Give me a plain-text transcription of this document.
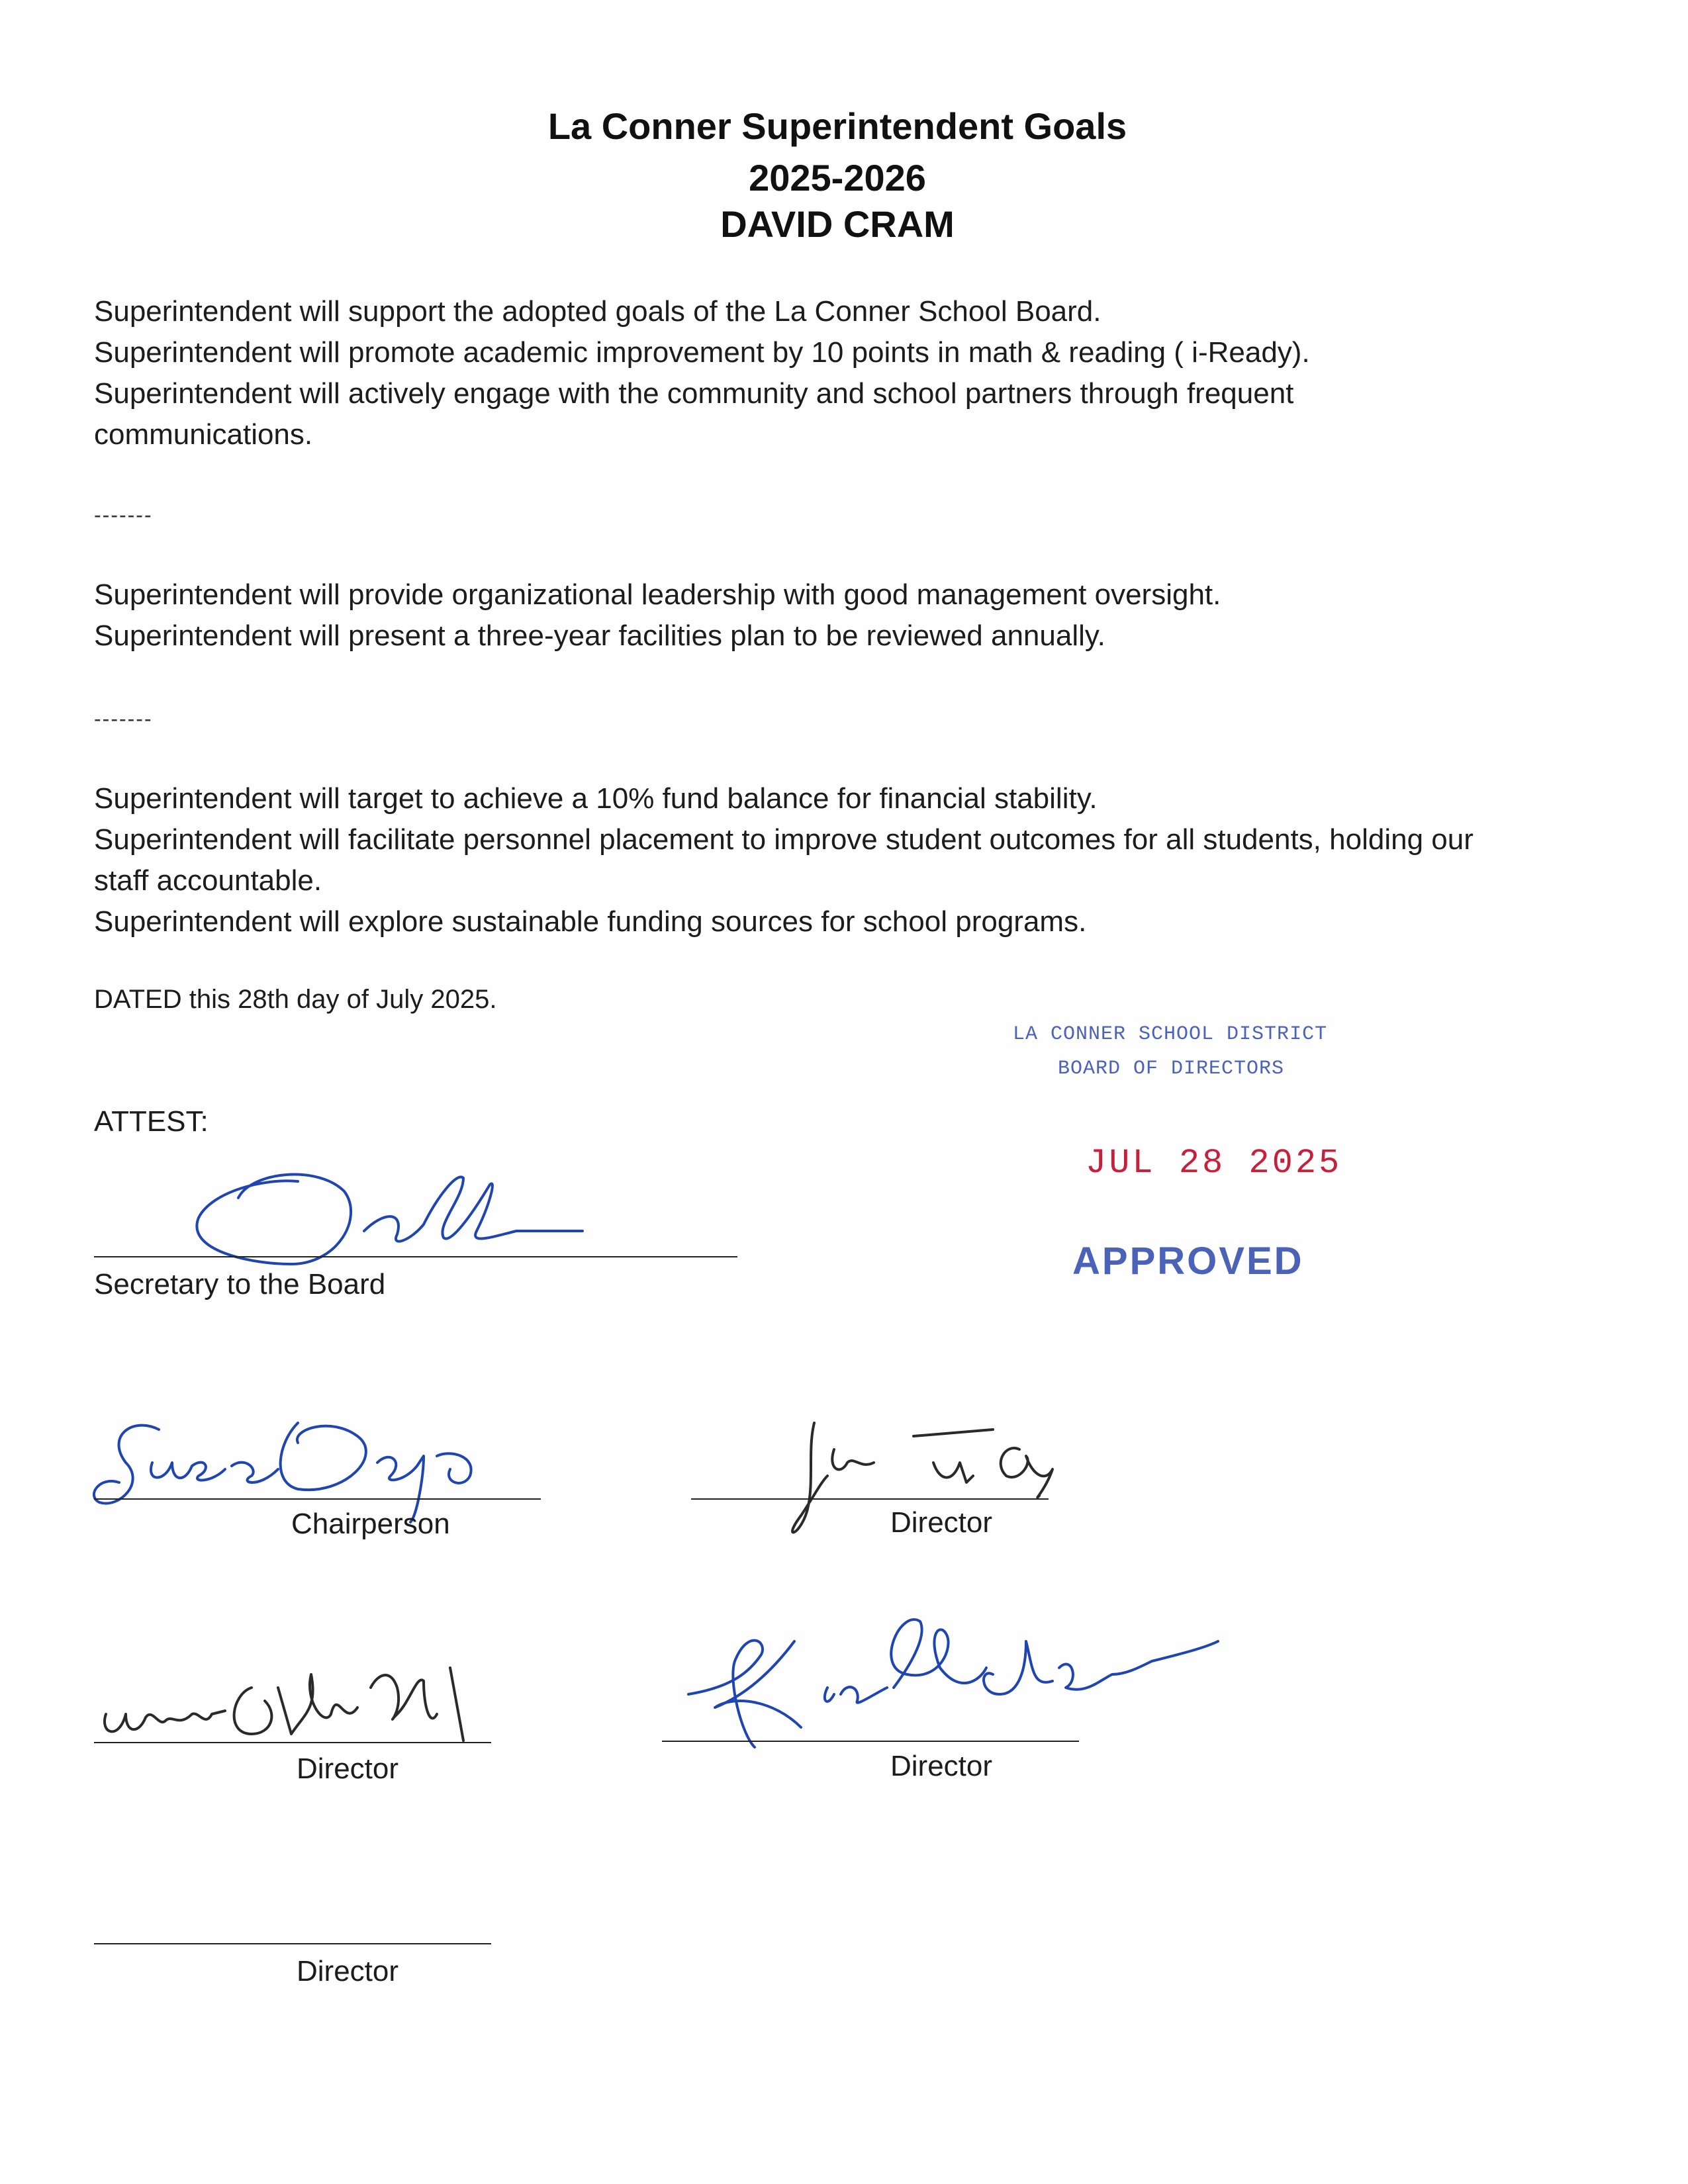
La Conner Superintendent Goals
2025-2026
DAVID CRAM
Superintendent will support the adopted goals of the La Conner School Board.
Superintendent will promote academic improvement by 10 points in math & reading ( i-Ready).
Superintendent will actively engage with the community and school partners through frequent
communications.
-------
Superintendent will provide organizational leadership with good management oversight.
Superintendent will present a three-year facilities plan to be reviewed annually.
-------
Superintendent will target to achieve a 10% fund balance for financial stability.
Superintendent will facilitate personnel placement to improve student outcomes for all students, holding our
staff accountable.
Superintendent will explore sustainable funding sources for school programs.
DATED this 28th day of July 2025.
LA CONNER SCHOOL DISTRICT
BOARD OF DIRECTORS
JUL 28 2025
APPROVED
ATTEST:
Secretary to the Board
Chairperson	Director
Director	Director
Director
